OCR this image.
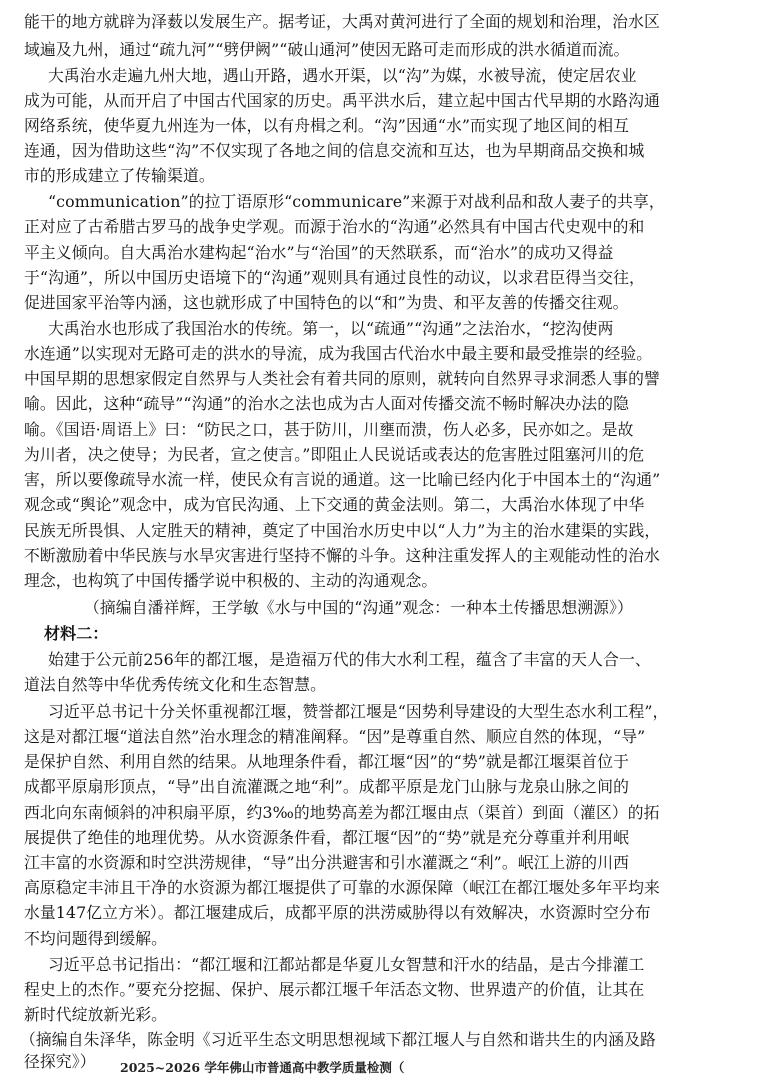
能干的地方就辟为泽薮以发展生产。据考证，大禹对黄河进行了全面的规划和治理，治水区
域遍及九州，通过“疏九河”“劈伊阙”“破山通河”使因无路可走而形成的洪水循道而流。
大禹治水走遍九州大地，遇山开路，遇水开渠，以“沟”为媒，水被导流，使定居农业
成为可能，从而开启了中国古代国家的历史。禹平洪水后，建立起中国古代早期的水路沟通
网络系统，使华夏九州连为一体，以有舟楫之利。“沟”因通“水”而实现了地区间的相互
连通，因为借助这些“沟”不仅实现了各地之间的信息交流和互达，也为早期商品交换和城
市的形成建立了传输渠道。
“communication”的拉丁语原形“communicare”来源于对战利品和敌人妻子的共享，
正对应了古希腊古罗马的战争史学观。而源于治水的“沟通”必然具有中国古代史观中的和
平主义倾向。自大禹治水建构起“治水”与“治国”的天然联系，而“治水”的成功又得益
于“沟通”，所以中国历史语境下的“沟通”观则具有通过良性的动议，以求君臣得当交往，
促进国家平治等内涵，这也就形成了中国特色的以“和”为贵、和平友善的传播交往观。
大禹治水也形成了我国治水的传统。第一，以“疏通”“沟通”之法治水，“挖沟使两
水连通”以实现对无路可走的洪水的导流，成为我国古代治水中最主要和最受推崇的经验。
中国早期的思想家假定自然界与人类社会有着共同的原则，就转向自然界寻求洞悉人事的譬
喻。因此，这种“疏导”“沟通”的治水之法也成为古人面对传播交流不畅时解决办法的隐
喻。《国语·周语上》曰：“防民之口，甚于防川，川壅而溃，伤人必多，民亦如之。是故
为川者，决之使导；为民者，宣之使言。”即阻止人民说话或表达的危害胜过阻塞河川的危
害，所以要像疏导水流一样，使民众有言说的通道。这一比喻已经内化于中国本土的“沟通”
观念或“舆论”观念中，成为官民沟通、上下交通的黄金法则。第二，大禹治水体现了中华
民族无所畏惧、人定胜天的精神，奠定了中国治水历史中以“人力”为主的治水建渠的实践，
不断激励着中华民族与水旱灾害进行坚持不懈的斗争。这种注重发挥人的主观能动性的治水
理念，也构筑了中国传播学说中积极的、主动的沟通观念。
（摘编自潘祥辉，王学敏《水与中国的“沟通”观念：一种本土传播思想溯源》）
材料二：
始建于公元前256年的都江堰，是造福万代的伟大水利工程，蕴含了丰富的天人合一、
道法自然等中华优秀传统文化和生态智慧。
习近平总书记十分关怀重视都江堰，赞誉都江堰是“因势利导建设的大型生态水利工程”，
这是对都江堰“道法自然”治水理念的精准阐释。“因”是尊重自然、顺应自然的体现，“导”
是保护自然、利用自然的结果。从地理条件看，都江堰“因”的“势”就是都江堰渠首位于
成都平原扇形顶点，“导”出自流灌溉之地“利”。成都平原是龙门山脉与龙泉山脉之间的
西北向东南倾斜的冲积扇平原，约3‰的地势高差为都江堰由点（渠首）到面（灌区）的拓
展提供了绝佳的地理优势。从水资源条件看，都江堰“因”的“势”就是充分尊重并利用岷
江丰富的水资源和时空洪涝规律，“导”出分洪避害和引水灌溉之“利”。岷江上游的川西
高原稳定丰沛且干净的水资源为都江堰提供了可靠的水源保障（岷江在都江堰处多年平均来
水量147亿立方米）。都江堰建成后，成都平原的洪涝威胁得以有效解决，水资源时空分布
不均问题得到缓解。
习近平总书记指出：“都江堰和江都站都是华夏儿女智慧和汗水的结晶，是古今排灌工
程史上的杰作。”要充分挖掘、保护、展示都江堰千年活态文物、世界遗产的价值，让其在
新时代绽放新光彩。
（摘编自朱泽华，陈金明《习近平生态文明思想视域下都江堰人与自然和谐共生的内涵及路
径探究》） 2025~2026 学年佛山市普通高中教学质量检测（
